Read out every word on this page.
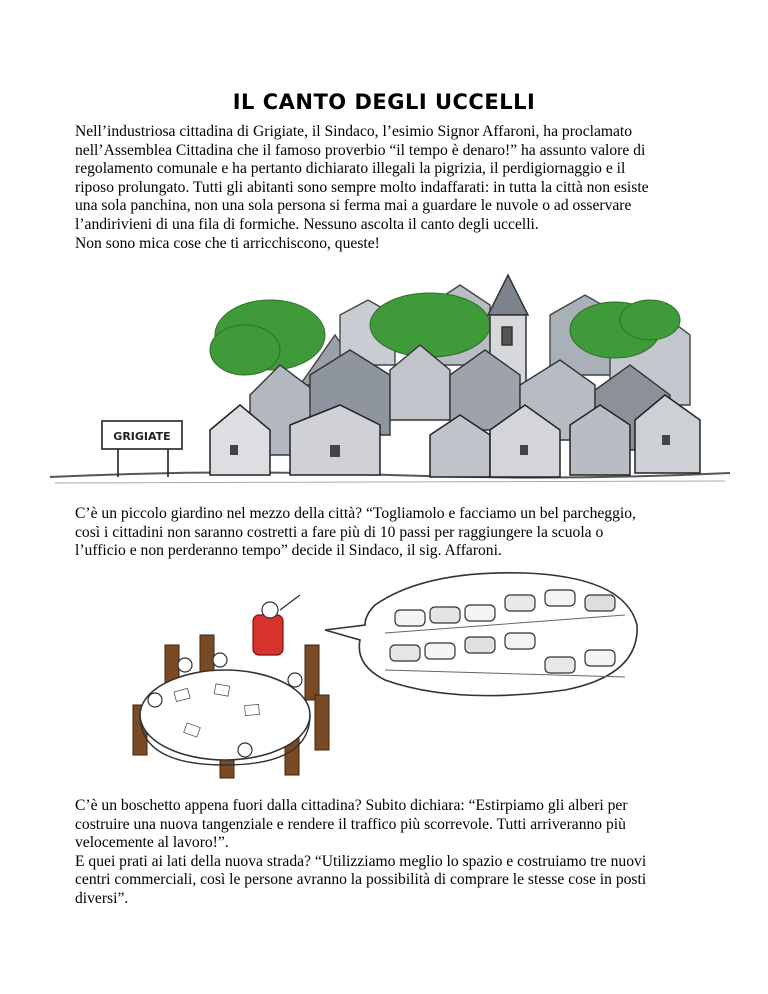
IL CANTO DEGLI UCCELLI
Nell’industriosa cittadina di Grigiate, il Sindaco, l’esimio Signor Affaroni, ha proclamato
nell’Assemblea Cittadina che il famoso proverbio “il tempo è denaro!” ha assunto valore di
regolamento comunale e ha pertanto dichiarato illegali la pigrizia, il perdigiornaggio e il
riposo prolungato. Tutti gli abitanti sono sempre molto indaffarati: in tutta la città non esiste
una sola panchina, non una sola persona si ferma mai a guardare le nuvole o ad osservare
l’andirivieni di una fila di formiche. Nessuno ascolta il canto degli uccelli.
Non sono mica cose che ti arricchiscono, queste!
GRIGIATE
C’è un piccolo giardino nel mezzo della città? “Togliamolo e facciamo un bel parcheggio,
così i cittadini non saranno costretti a fare più di 10 passi per raggiungere la scuola o
l’ufficio e non perderanno tempo” decide il Sindaco, il sig. Affaroni.
C’è un boschetto appena fuori dalla cittadina? Subito dichiara: “Estirpiamo gli alberi per
costruire una nuova tangenziale e rendere il traffico più scorrevole. Tutti arriveranno più
velocemente al lavoro!”.
E quei prati ai lati della nuova strada? “Utilizziamo meglio lo spazio e costruiamo tre nuovi
centri commerciali, così le persone avranno la possibilità di comprare le stesse cose in posti
diversi”.
